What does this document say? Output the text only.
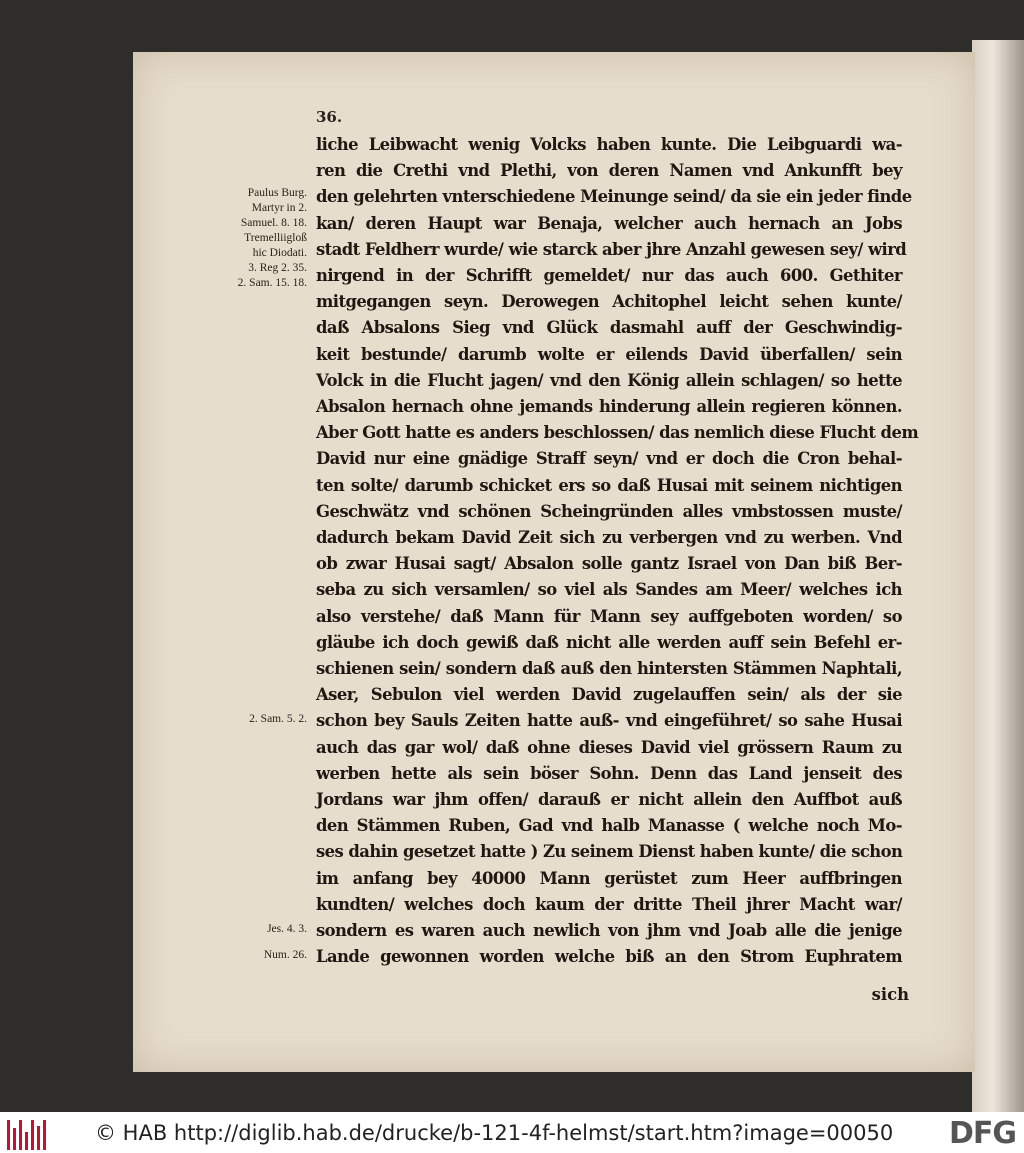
36.
Paulus Burg.
Martyr in 2.
Samuel. 8. 18.
Tremelliigloß
hic Diodati.
3. Reg 2. 35.
2. Sam. 15. 18.
2. Sam. 5. 2.
Jes. 4. 3.
Num. 26.
liche Leibwacht wenig Volcks haben kunte. Die Leibguardi wa-
ren die Crethi vnd Plethi, von deren Namen vnd Ankunfft bey
den gelehrten vnterschiedene Meinunge seind/ da sie ein jeder finde
kan/ deren Haupt war Benaja, welcher auch hernach an Jobs
stadt Feldherr wurde/ wie starck aber jhre Anzahl gewesen sey/ wird
nirgend in der Schrifft gemeldet/ nur das auch 600. Gethiter
mitgegangen seyn. Derowegen Achitophel leicht sehen kunte/
daß Absalons Sieg vnd Glück dasmahl auff der Geschwindig-
keit bestunde/ darumb wolte er eilends David überfallen/ sein
Volck in die Flucht jagen/ vnd den König allein schlagen/ so hette
Absalon hernach ohne jemands hinderung allein regieren können.
Aber Gott hatte es anders beschlossen/ das nemlich diese Flucht dem
David nur eine gnädige Straff seyn/ vnd er doch die Cron behal-
ten solte/ darumb schicket ers so daß Husai mit seinem nichtigen
Geschwätz vnd schönen Scheingründen alles vmbstossen muste/
dadurch bekam David Zeit sich zu verbergen vnd zu werben. Vnd
ob zwar Husai sagt/ Absalon solle gantz Israel von Dan biß Ber-
seba zu sich versamlen/ so viel als Sandes am Meer/ welches ich
also verstehe/ daß Mann für Mann sey auffgeboten worden/ so
gläube ich doch gewiß daß nicht alle werden auff sein Befehl er-
schienen sein/ sondern daß auß den hintersten Stämmen Naphtali,
Aser, Sebulon viel werden David zugelauffen sein/ als der sie
schon bey Sauls Zeiten hatte auß- vnd eingeführet/ so sahe Husai
auch das gar wol/ daß ohne dieses David viel grössern Raum zu
werben hette als sein böser Sohn. Denn das Land jenseit des
Jordans war jhm offen/ darauß er nicht allein den Auffbot auß
den Stämmen Ruben, Gad vnd halb Manasse ( welche noch Mo-
ses dahin gesetzet hatte ) Zu seinem Dienst haben kunte/ die schon
im anfang bey 40000 Mann gerüstet zum Heer auffbringen
kundten/ welches doch kaum der dritte Theil jhrer Macht war/
sondern es waren auch newlich von jhm vnd Joab alle die jenige
Lande gewonnen worden welche biß an den Strom Euphratem
sich
© HAB http://diglib.hab.de/drucke/b-121-4f-helmst/start.htm?image=00050 DFG
